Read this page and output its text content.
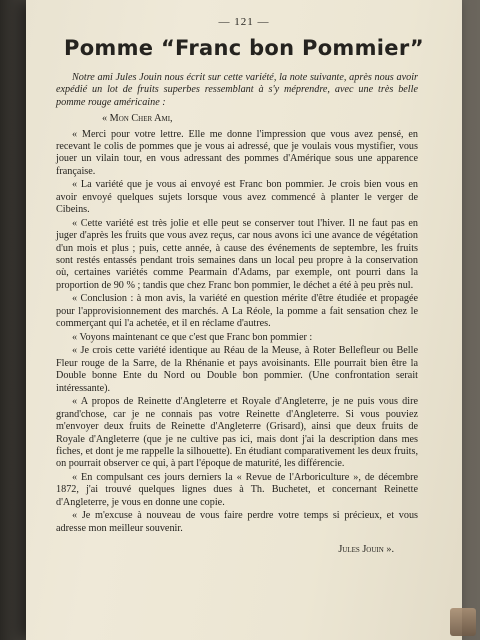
— 121 —
Pomme “Franc bon Pommier”

Notre ami Jules Jouin nous écrit sur cette variété, la note suivante, après nous avoir expédié un lot de fruits superbes ressemblant à s'y méprendre, avec une très belle pomme rouge américaine :

« Mon Cher Ami,

« Merci pour votre lettre. Elle me donne l'impression que vous avez pensé, en recevant le colis de pommes que je vous ai adressé, que je voulais vous mystifier, vous jouer un vilain tour, en vous adressant des pommes d'Amérique sous une apparence française.

« La variété que je vous ai envoyé est Franc bon pommier. Je crois bien vous en avoir envoyé quelques sujets lorsque vous avez commencé à planter le verger de Cibeins.

« Cette variété est très jolie et elle peut se conserver tout l'hiver. Il ne faut pas en juger d'après les fruits que vous avez reçus, car nous avons ici une avance de végétation d'un mois et plus ; puis, cette année, à cause des événements de septembre, les fruits sont restés entassés pendant trois semaines dans un local peu propre à la conservation où, certaines variétés comme Pearmain d'Adams, par exemple, ont pourri dans la proportion de 90 % ; tandis que chez Franc bon pommier, le déchet a été à peu près nul.

« Conclusion : à mon avis, la variété en question mérite d'être étudiée et propagée pour l'approvisionnement des marchés. A La Réole, la pomme a fait sensation chez le commerçant qui l'a achetée, et il en réclame d'autres.

« Voyons maintenant ce que c'est que Franc bon pommier :

« Je crois cette variété identique au Réau de la Meuse, à Roter Bellefleur ou Belle Fleur rouge de la Sarre, de la Rhénanie et pays avoisinants. Elle pourrait bien être la Double bonne Ente du Nord ou Double bon pommier. (Une confrontation serait intéressante).

« A propos de Reinette d'Angleterre et Royale d'Angleterre, je ne puis vous dire grand'chose, car je ne connais pas votre Reinette d'Angleterre. Si vous pouviez m'envoyer deux fruits de Reinette d'Angleterre (Grisard), ainsi que deux fruits de Royale d'Angleterre (que je ne cultive pas ici, mais dont j'ai la description dans mes fiches, et dont je me rappelle la silhouette). En étudiant comparativement les deux fruits, on pourrait observer ce qui, à part l'époque de maturité, les différencie.

« En compulsant ces jours derniers la « Revue de l'Arboriculture », de décembre 1872, j'ai trouvé quelques lignes dues à Th. Buchetet, et concernant Reinette d'Angleterre, je vous en donne une copie.

« Je m'excuse à nouveau de vous faire perdre votre temps si précieux, et vous adresse mon meilleur souvenir.

Jules Jouin ».
